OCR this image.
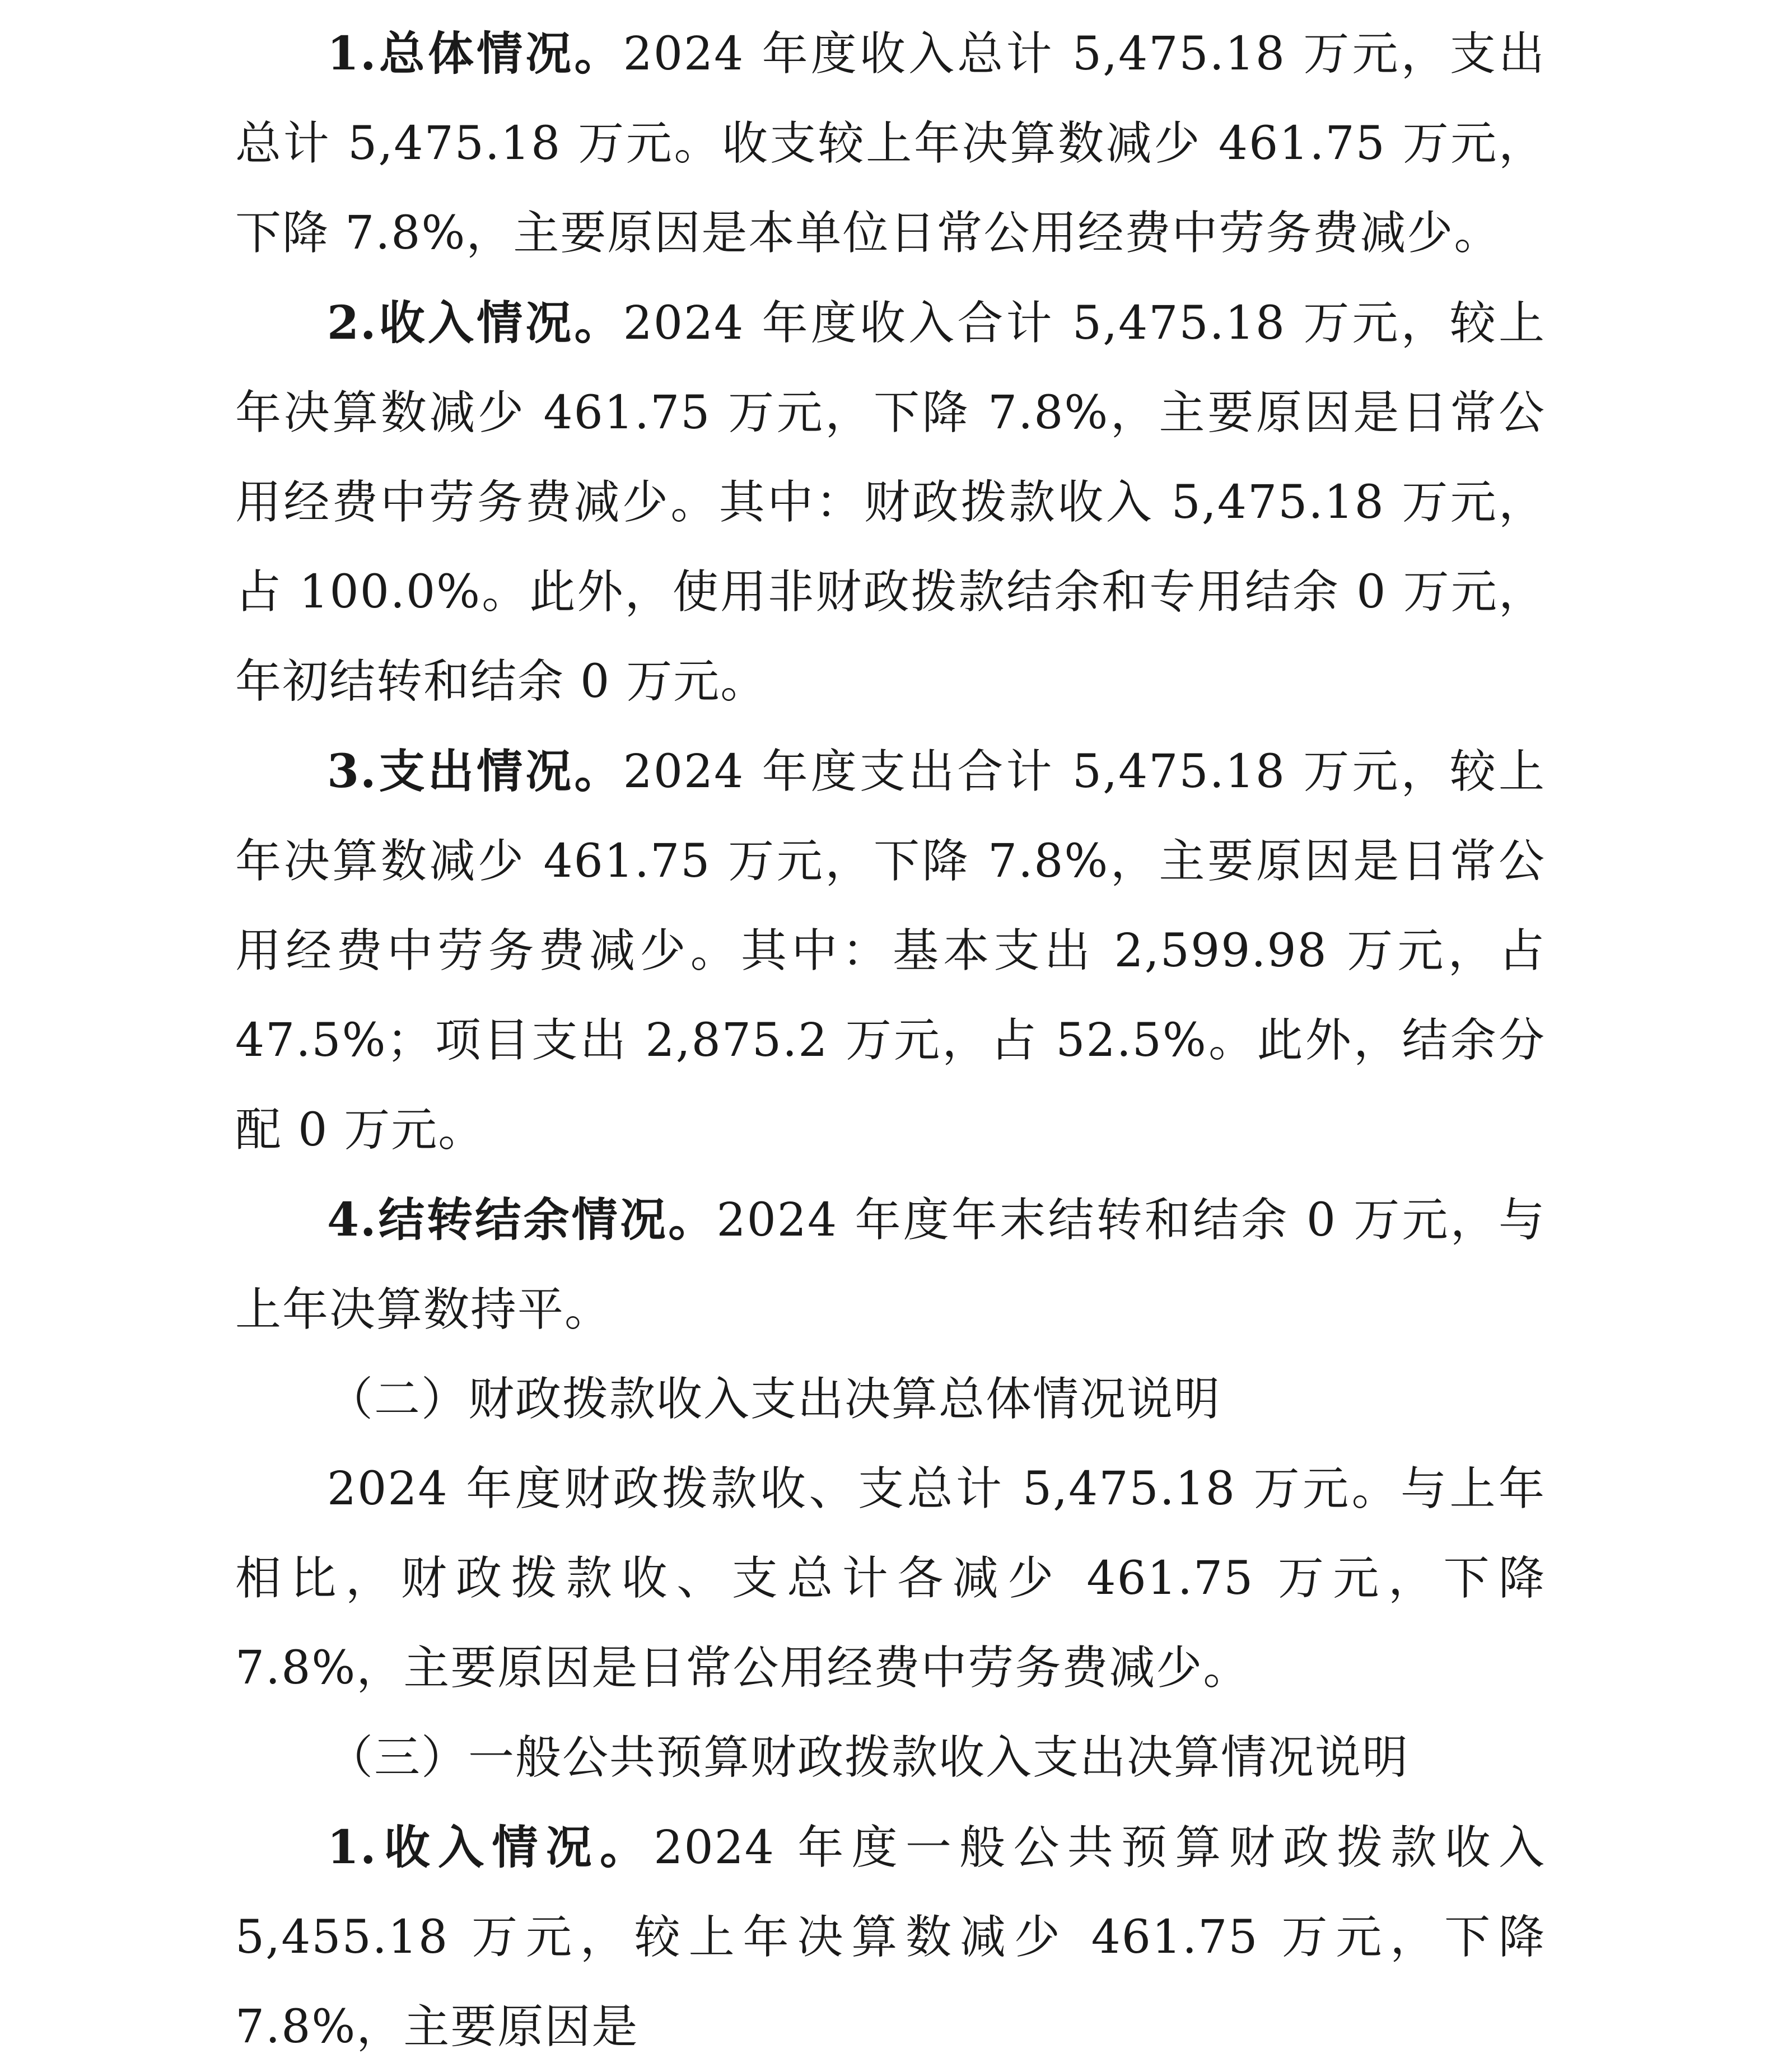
1.总体情况。2024 年度收入总计 5,475.18 万元，支出总计 5,475.18 万元。收支较上年决算数减少 461.75 万元，下降 7.8%，主要原因是本单位日常公用经费中劳务费减少。

2.收入情况。2024 年度收入合计 5,475.18 万元，较上年决算数减少 461.75 万元，下降 7.8%，主要原因是日常公用经费中劳务费减少。其中：财政拨款收入 5,475.18 万元，占 100.0%。此外，使用非财政拨款结余和专用结余 0 万元，年初结转和结余 0 万元。

3.支出情况。2024 年度支出合计 5,475.18 万元，较上年决算数减少 461.75 万元，下降 7.8%，主要原因是日常公用经费中劳务费减少。其中：基本支出 2,599.98 万元，占 47.5%；项目支出 2,875.2 万元，占 52.5%。此外，结余分配 0 万元。

4.结转结余情况。2024 年度年末结转和结余 0 万元，与上年决算数持平。

（二）财政拨款收入支出决算总体情况说明

2024 年度财政拨款收、支总计 5,475.18 万元。与上年相比，财政拨款收、支总计各减少 461.75 万元，下降 7.8%，主要原因是日常公用经费中劳务费减少。

（三）一般公共预算财政拨款收入支出决算情况说明

1.收入情况。2024 年度一般公共预算财政拨款收入 5,455.18 万元，较上年决算数减少 461.75 万元，下降 7.8%，主要原因是
